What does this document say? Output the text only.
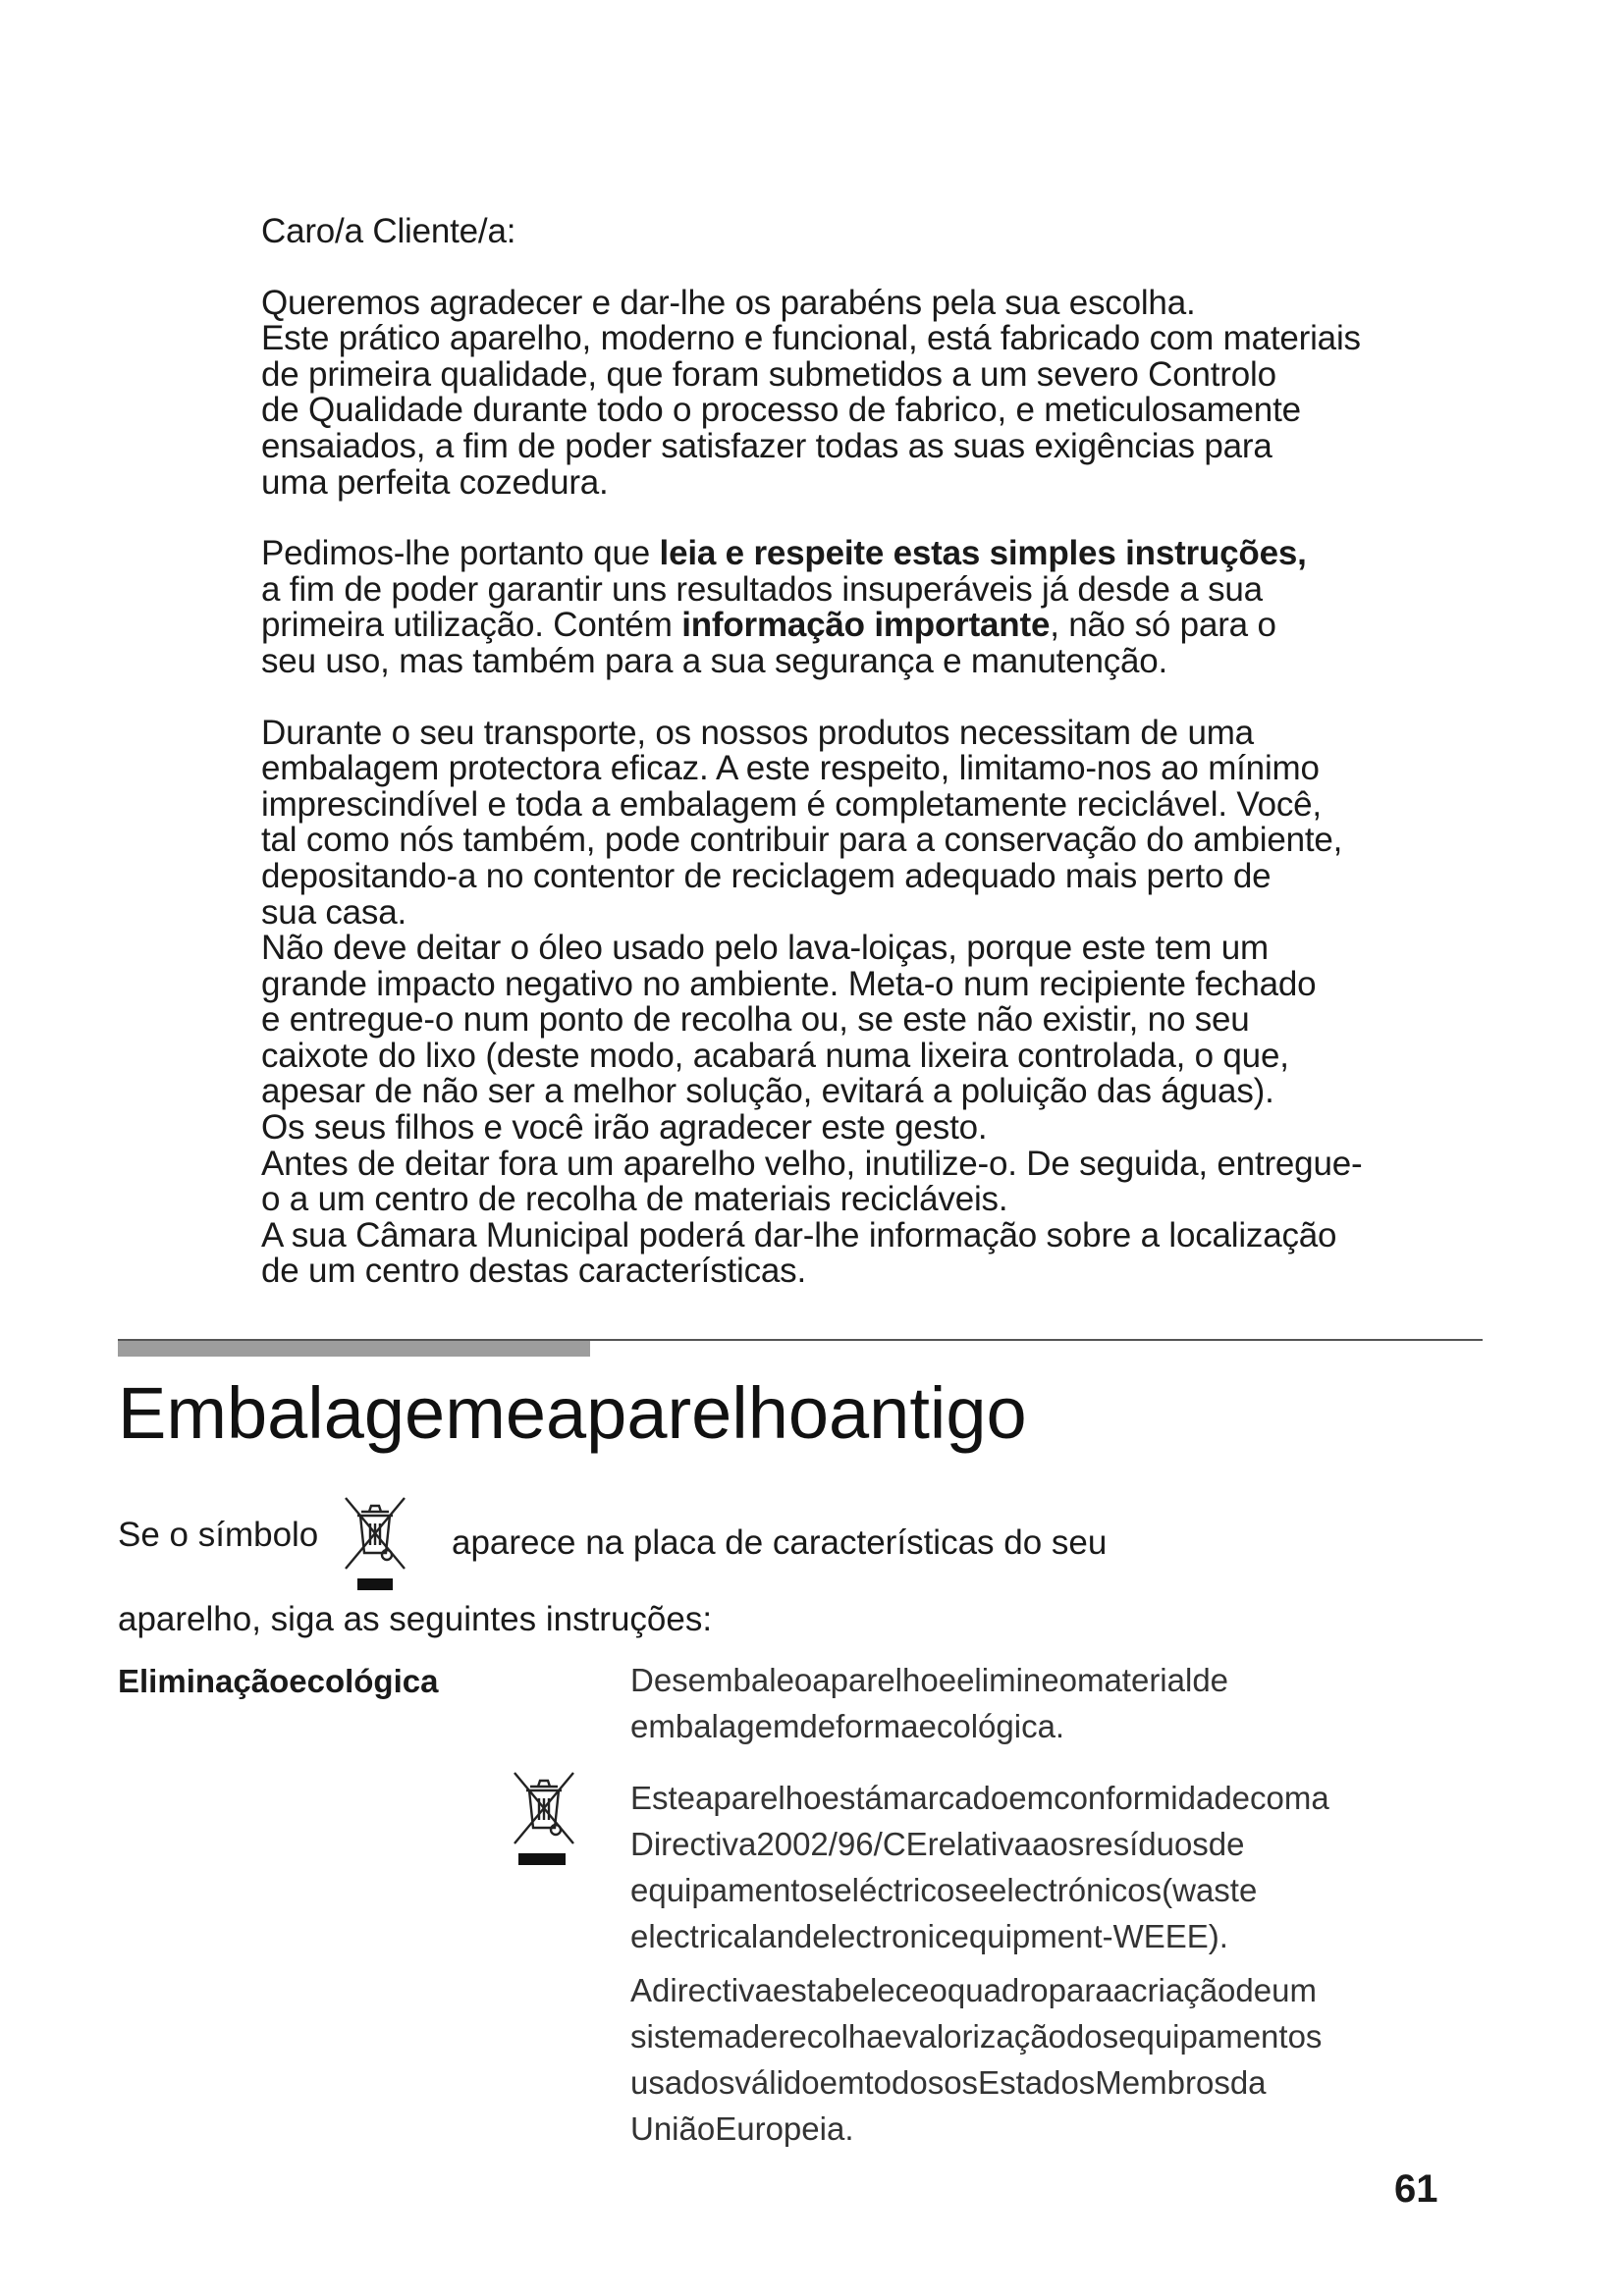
Caro/a Cliente/a:

Queremos agradecer e dar-lhe os parabéns pela sua escolha.
Este prático aparelho, moderno e funcional, está fabricado com materiais
de primeira qualidade, que foram submetidos a um severo Controlo
de Qualidade durante todo o processo de fabrico, e meticulosamente
ensaiados, a fim de poder satisfazer todas as suas exigências para
uma perfeita cozedura.

Pedimos-lhe portanto que leia e respeite estas simples instruções,
a fim de poder garantir uns resultados insuperáveis já desde a sua
primeira utilização. Contém informação importante, não só para o
seu uso, mas também para a sua segurança e manutenção.

Durante o seu transporte, os nossos produtos necessitam de uma
embalagem protectora eficaz. A este respeito, limitamo-nos ao mínimo
imprescindível e toda a embalagem é completamente reciclável. Você,
tal como nós também, pode contribuir para a conservação do ambiente,
depositando-a no contentor de reciclagem adequado mais perto de
sua casa.
Não deve deitar o óleo usado pelo lava-loiças, porque este tem um
grande impacto negativo no ambiente. Meta-o num recipiente fechado
e entregue-o num ponto de recolha ou, se este não existir, no seu
caixote do lixo (deste modo, acabará numa lixeira controlada, o que,
apesar de não ser a melhor solução, evitará a poluição das águas).
Os seus filhos e você irão agradecer este gesto.
Antes de deitar fora um aparelho velho, inutilize-o. De seguida, entregue-
o a um centro de recolha de materiais recicláveis.
A sua Câmara Municipal poderá dar-lhe informação sobre a localização
de um centro destas características.

Embalagemeaparelhoantigo
Se o símbolo	aparece na placa de características do seu
aparelho, siga as seguintes instruções:
Eliminaçãoecológica	Desembaleoaparelhoeelimineomaterialde
embalagemdeformaecológica.

Esteaparelhoestámarcadoemconformidadecoma
Directiva2002/96/CErelativaaosresíduosde
equipamentoseléctricoseelectrónicos(waste
electricalandelectronicequipment-WEEE).

Adirectivaestabeleceoquadroparaacriaçãodeum
sistemaderecolhaevalorizaçãodosequipamentos
usadosválidoemtodososEstadosMembrosda
UniãoEuropeia.

61
